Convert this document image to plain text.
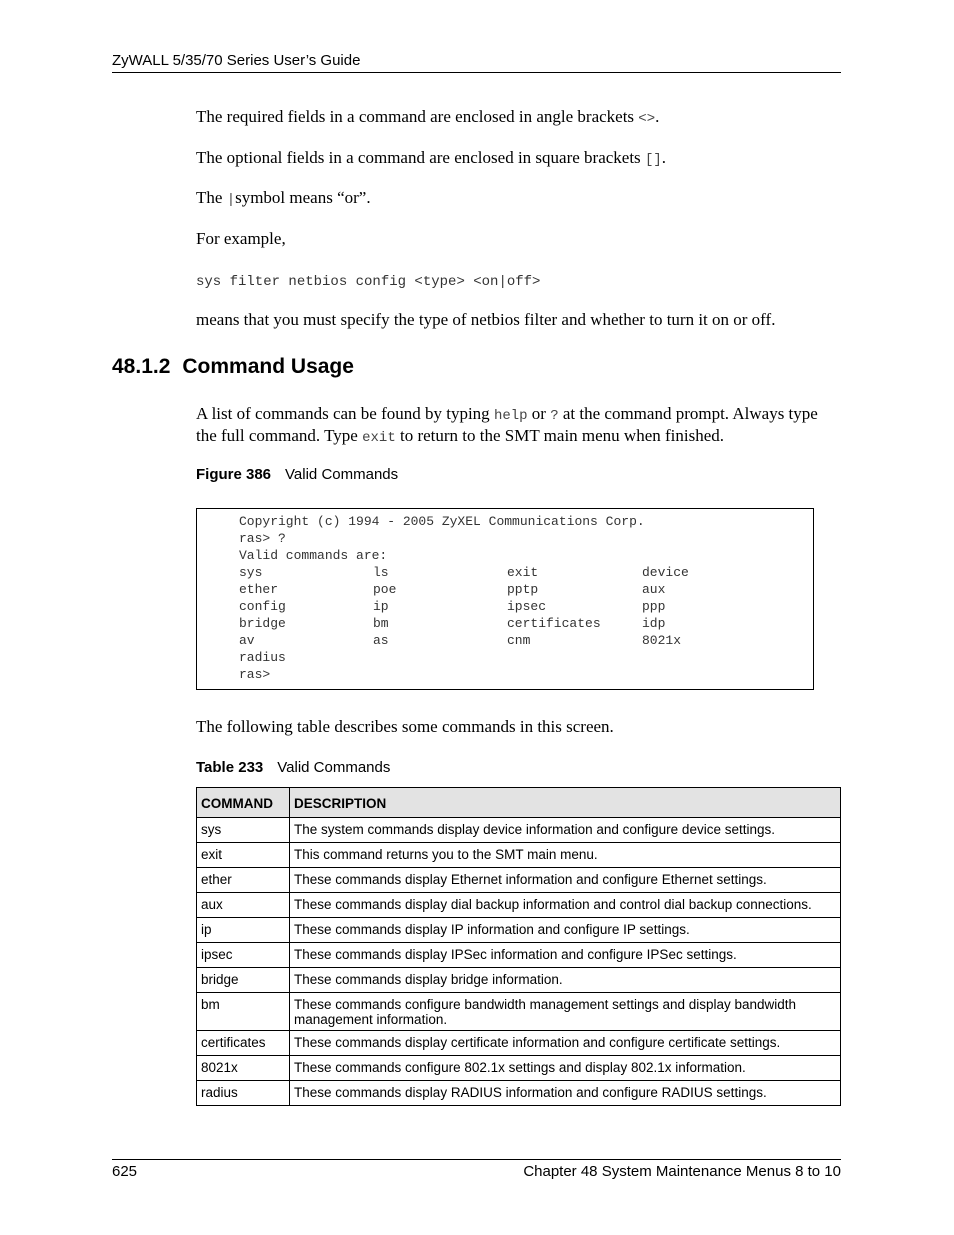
ZyWALL 5/35/70 Series User’s Guide
The required fields in a command are enclosed in angle brackets <>.
The optional fields in a command are enclosed in square brackets [].
The |symbol means “or”.
For example,
sys filter netbios config <type> <on|off>
means that you must specify the type of netbios filter and whether to turn it on or off.
48.1.2 Command Usage
A list of commands can be found by typing help or ? at the command prompt. Always type
the full command. Type exit to return to the SMT main menu when finished.
Figure 386 Valid Commands
Copyright (c) 1994 - 2005 ZyXEL Communications Corp.
ras> ?
Valid commands are:
sys	ls	exit	device
ether	poe	pptp	aux
config	ip	ipsec	ppp
bridge	bm	certificates	idp
av	as	cnm	8021x
radius
ras>
The following table describes some commands in this screen.
Table 233 Valid Commands
COMMAND	DESCRIPTION
sys	The system commands display device information and configure device settings.
exit	This command returns you to the SMT main menu.
ether	These commands display Ethernet information and configure Ethernet settings.
aux	These commands display dial backup information and control dial backup connections.
ip	These commands display IP information and configure IP settings.
ipsec	These commands display IPSec information and configure IPSec settings.
bridge	These commands display bridge information.
bm	These commands configure bandwidth management settings and display bandwidth management information.
certificates	These commands display certificate information and configure certificate settings.
8021x	These commands configure 802.1x settings and display 802.1x information.
radius	These commands display RADIUS information and configure RADIUS settings.
625	Chapter 48 System Maintenance Menus 8 to 10
